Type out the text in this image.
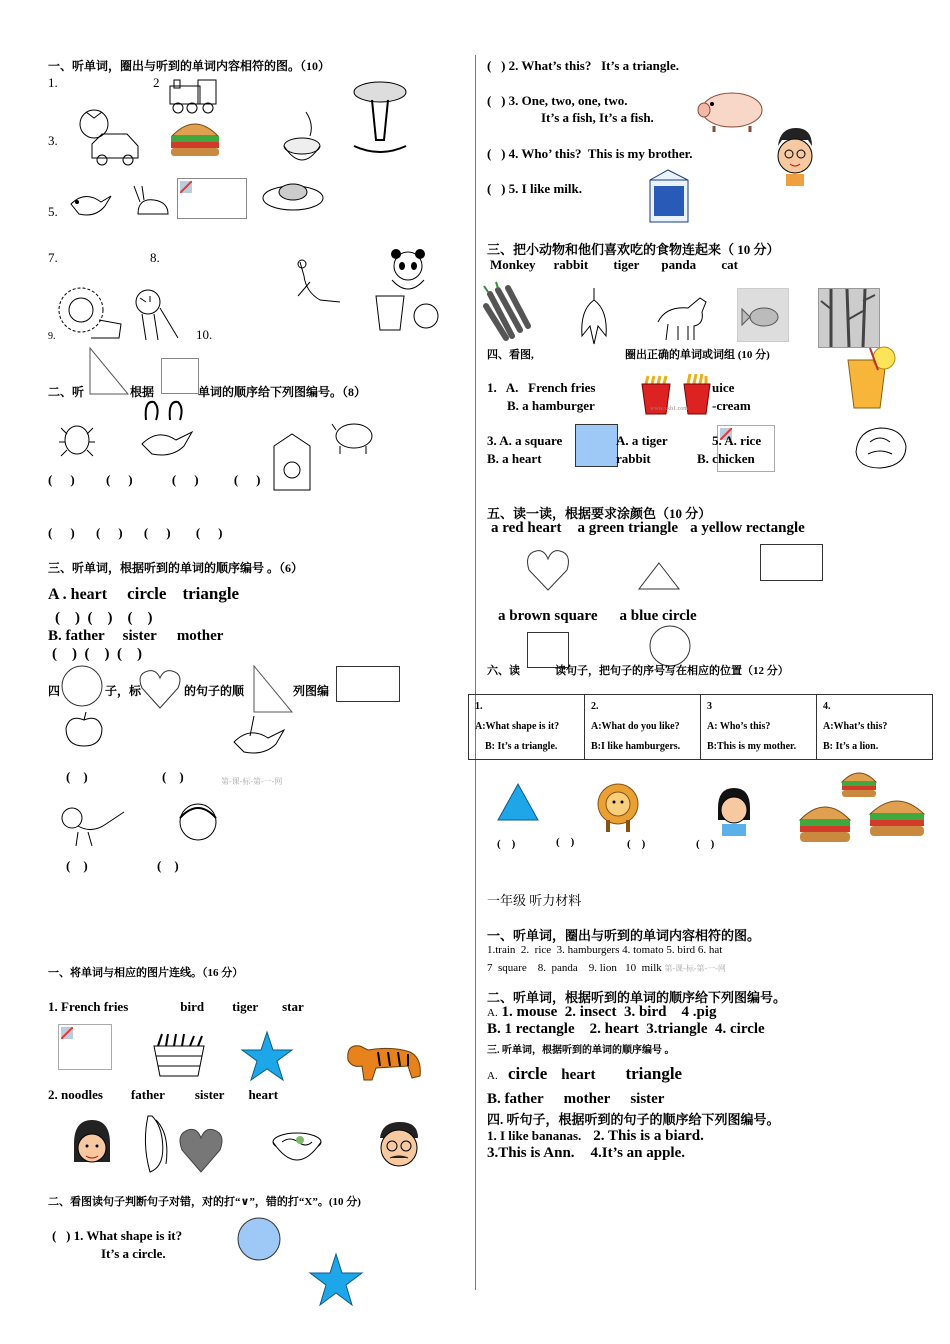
一、听单词，圈出与听到的单词内容相符的图。（10）
1.	2
3.
5.
7.	8.
9.	10.
二、听	根据	单词的顺序给下列图编号。（8）
( ) ( )	( )	( )
( ) ( ) ( ) ( )
三、听单词，根据听到的单词的顺序编号 。（6）
A . heart circle triangle
(    )  (    )    (    )
B. father sister mother
(    )  (    )  (    )
四	子，标	的句子的顺	列图编
(    )	(    )	第-课-标-第-一-网
(    )	(    )
一、将单词与相应的图片连线。（16 分）
1. French fries	bird tiger star
2. noodles father sister heart
二、看图读句子判断句子对错，对的打“∨”，错的打“X”。(10 分)
(   ) 1. What shape is it?
It’s a circle.
(   ) 2. What’s this?   It’s a triangle.
(   ) 3. One, two, one, two.
It’s a fish, It’s a fish.
(   ) 4. Who’ this?  This is my brother.
(   ) 5. I like milk.
三、把小动物和他们喜欢吃的食物连起来（ 10 分）
Monkey rabbit tiger panda cat
四、看图,	圈出正确的单词或词组 (10 分)
1.   A.   French fries
B. a hamburger	www.xkb1.com
uice
-cream
3. A. a square
B. a heart
A. a tiger
rabbit
5. A. rice
B. chicken
五、读一读，根据要求涂颜色（10 分）
a red heart a green triangle a yellow rectangle
a brown square a blue circle
六、读	读句子，把句子的序号写在相应的位置（12 分）
1.
A:What shape is it?
B: It’s a triangle.

2.
A:What do you like?
B:I like hamburgers.

3
A: Who’s this?
B:This is my mother.

4.
A:What’s this?
B: It’s a lion.
(    )	(    )	(    )	(    )
一年级 听力材料
一、听单词，圈出与听到的单词内容相符的图。
1.train  2.  rice  3. hamburgers 4. tomato 5. bird 6. hat
7  square    8.  panda    9. lion   10  milk 第-课-标-第-一-网
二、听单词，根据听到的单词的顺序给下列图编号。
A. 1. mouse  2. insect  3. bird    4 .pig
B. 1 rectangle    2. heart  3.triangle  4. circle
三. 听单词，根据听到的单词的顺序编号 。
A. circle heart triangle
B. father mother sister
四. 听句子，根据听到的句子的顺序给下列图编号。
1. I like bananas. 2. This is a biard.
3.This is Ann. 4.It’s an apple.
